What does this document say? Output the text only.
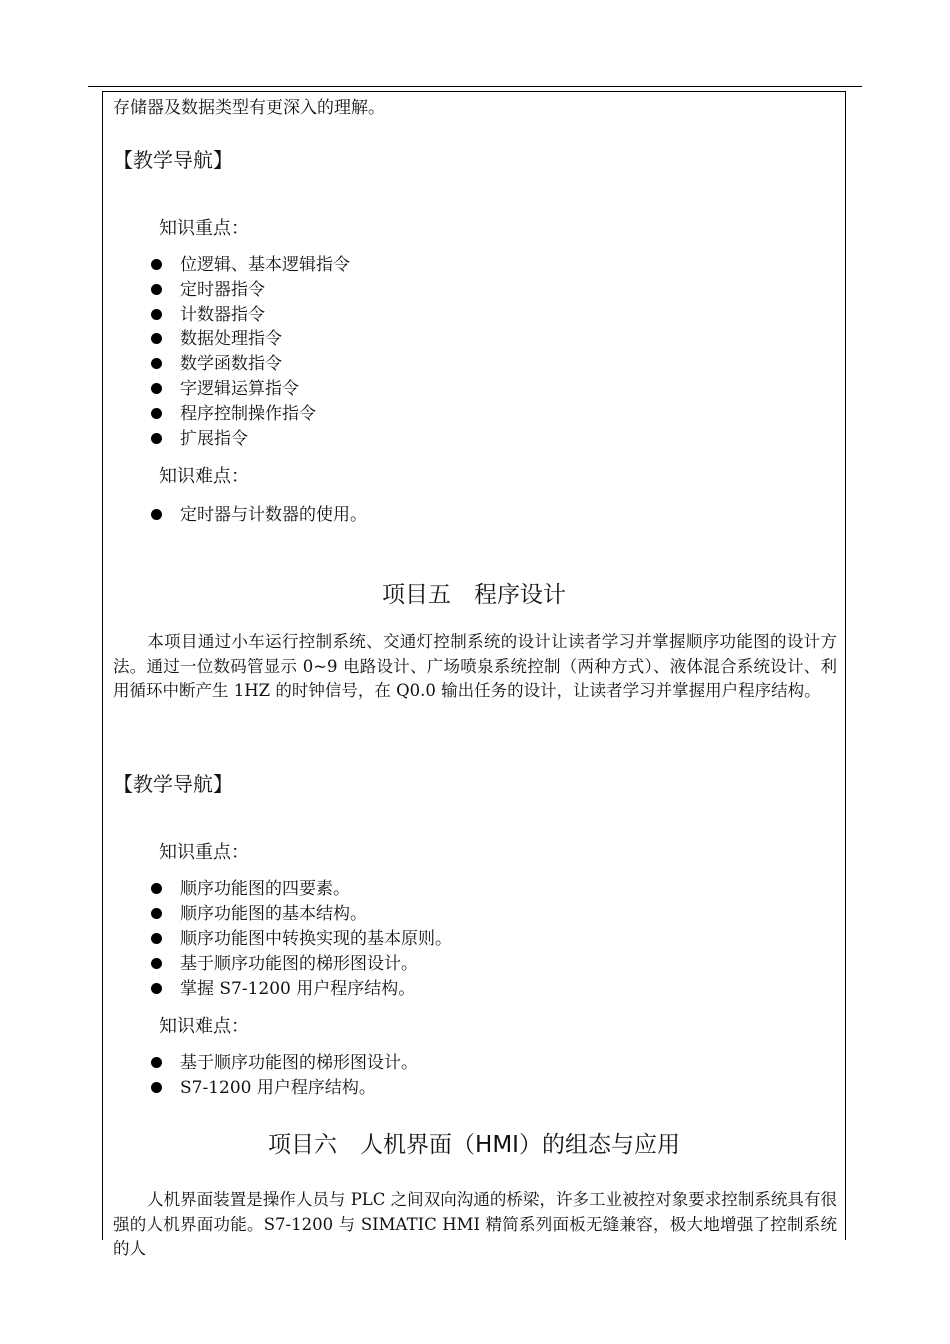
存储器及数据类型有更深入的理解。
【教学导航】
知识重点：
位逻辑、基本逻辑指令
定时器指令
计数器指令
数据处理指令
数学函数指令
字逻辑运算指令
程序控制操作指令
扩展指令
知识难点：
定时器与计数器的使用。
项目五　程序设计
本项目通过小车运行控制系统、交通灯控制系统的设计让读者学习并掌握顺序功能图的设计方法。通过一位数码管显示 0~9 电路设计、广场喷泉系统控制（两种方式）、液体混合系统设计、利用循环中断产生 1HZ 的时钟信号，在 Q0.0 输出任务的设计，让读者学习并掌握用户程序结构。
【教学导航】
知识重点：
顺序功能图的四要素。
顺序功能图的基本结构。
顺序功能图中转换实现的基本原则。
基于顺序功能图的梯形图设计。
掌握 S7-1200 用户程序结构。
知识难点：
基于顺序功能图的梯形图设计。
S7-1200 用户程序结构。
项目六　人机界面（HMI）的组态与应用
人机界面装置是操作人员与 PLC 之间双向沟通的桥梁，许多工业被控对象要求控制系统具有很强的人机界面功能。S7-1200 与 SIMATIC HMI 精简系列面板无缝兼容，极大地增强了控制系统的人
